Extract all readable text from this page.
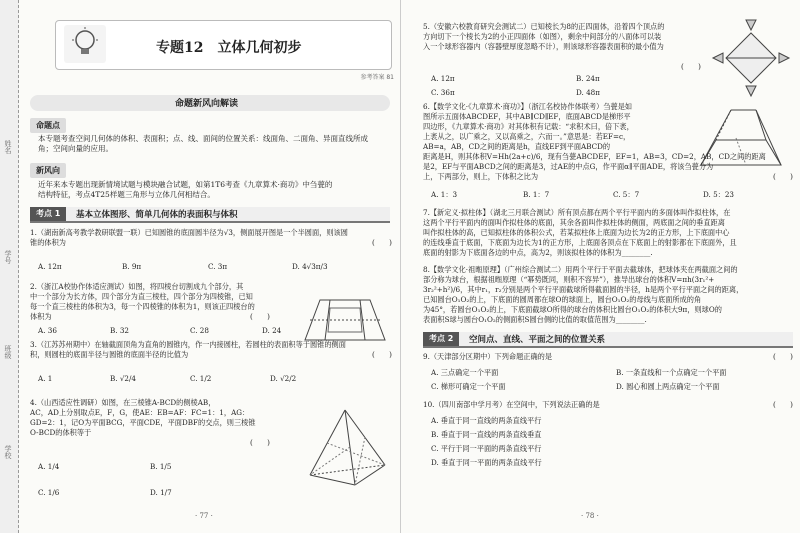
姓名
学号
班级
学校
专题12　立体几何初步
参考答案 81
命题新风向解读
命题点
本专题考查空间几何体的体积、表面积；点、线、面间的位置关系：线面角、二面角、异面直线所成
角；空间向量的应用。
新风向
近年来本专题出现新情境试题与模块融合试题，如第1T6考查《九章算术·商功》中刍甍的
结构特征，考点4T25样题三角形与立体几何相结合。
考点 1	基本立体图形、简单几何体的表面积与体积
1.（湖南新高考教学教研联盟一联）已知圆锥的底面圆半径为√3，侧面展开图是一个半圆面，则该圆
锥的体积为	(　　)
A. 12π	B. 9π	C. 3π	D. 4√3π/3
2.（浙江A校协作体适应测试）如图，将四棱台切割成九个部分，其
中一个部分为长方体，四个部分为直三棱柱，四个部分为四棱锥，已知
每一个直三棱柱的体积为3，每一个四棱锥的体积为1，则该正四棱台的
体积为	(　　)
A. 36	B. 32	C. 28	D. 24
3.（江苏苏州期中）在轴截面顶角为直角的圆锥内，作一内接圆柱，若圆柱的表面积等于圆锥的侧面
积，则圆柱的底面半径与圆锥的底面半径的比值为	(　　)
A. 1	B. √2/4	C. 1/2	D. √2/2
4.（山西适应性调研）如图，在三棱锥A-BCD的侧棱AB，
AC，AD上分别取点E，F，G，使AE：EB=AF：FC=1：1，AG：
GD=2：1，记O为平面BCG，平面CDE，平面DBF的交点，则三棱锥
O-BCD的体积等于
(　　)
A. 1/4	B. 1/5
C. 1/6	D. 1/7
· 77 ·
5.（安徽六校教育研究会测试二）已知棱长为8的正四面体，沿着四个顶点的
方向切下一个棱长为2的小正四面体（如图），剩余中间部分的八面体可以装
入一个球形容器内（容器壁厚度忽略不计），则该球形容器表面积的最小值为
(　　)
A. 12π	B. 24π
C. 36π	D. 48π
6.【数学文化·《九章算术·商功》】（浙江名校协作体联考）刍甍是如
图所示五面体ABCDEF，其中AB∥CD∥EF，底面ABCD是梯形平
四边形，《九章算术·商功》对其体积有记载：“求积术曰，倍下袤，
上袤从之，以广乘之，又以高乘之，六而一。”意思是：若EF=c，
AB=a，AB，CD之间的距离是h，直线EF到平面ABCD的
距离是H，则其体积V=Hh(2a+c)/6，现有刍甍ABCDEF，EF=1，AB=3，CD=2，AB，CD之间的距离
是2，EF与平面ABCD之间的距离是3，过AE的中点G，作平面α∥平面ADE，将该刍甍分为
上，下两部分，则上，下体积之比为	(　　)
A. 1：3	B. 1：7	C. 5：7	D. 5：23
7.【新定义·拟柱体】（湖北三月联合测试）所有顶点都在两个平行平面内的多面体叫作拟柱体，在
这两个平行平面内的面叫作拟柱体的底面，其余各面叫作拟柱体的侧面，两底面之间的垂直距离
叫作拟柱体的高，已知拟柱体的体积公式，若某拟柱体上底面为边长为2的正方形，上下底面中心
的连线垂直于底面，下底面为边长为1的正方形，上底面各顶点在下底面上的射影都在下底面外，且
底面的射影为下底面各边的中点，高为2，则该拟柱体的体积为________.
8.【数学文化·祖暅原理】（广州综合测试二）用两个平行于平面去截球体，把球体夹在两截面之间的
部分称为球台，根据祖暅原理（“幂势既同，则积不容异”），推导出球台的体积V=πh(3r₁²+
3r₂²+h²)/6，其中r₁，r₂分别是两个平行平面截球所得截面圆的半径，h是两个平行平面之间的距离，
已知圆台O₁O₂的上，下底面的圆周都在球O的球面上，圆台O₁O₂的母线与底面所成的角
为45°，若圆台O₁O₂的上，下底面截球O所得的球台的体积比圆台O₁O₂的体积大9π，则球O的
表面积S球与圆台O₁O₂的侧面积S圆台侧的比值的取值范围为________.
考点 2	空间点、直线、平面之间的位置关系
9.（天津部分区期中）下列命题正确的是	(　　)
A. 三点确定一个平面	B. 一条直线和一个点确定一个平面
C. 梯形可确定一个平面	D. 圆心和圆上两点确定一个平面
10.（四川南部中学月考）在空间中，下列说法正确的是	(　　)
A. 垂直于同一直线的两条直线平行
B. 垂直于同一直线的两条直线垂直
C. 平行于同一平面的两条直线平行
D. 垂直于同一平面的两条直线平行
· 78 ·
